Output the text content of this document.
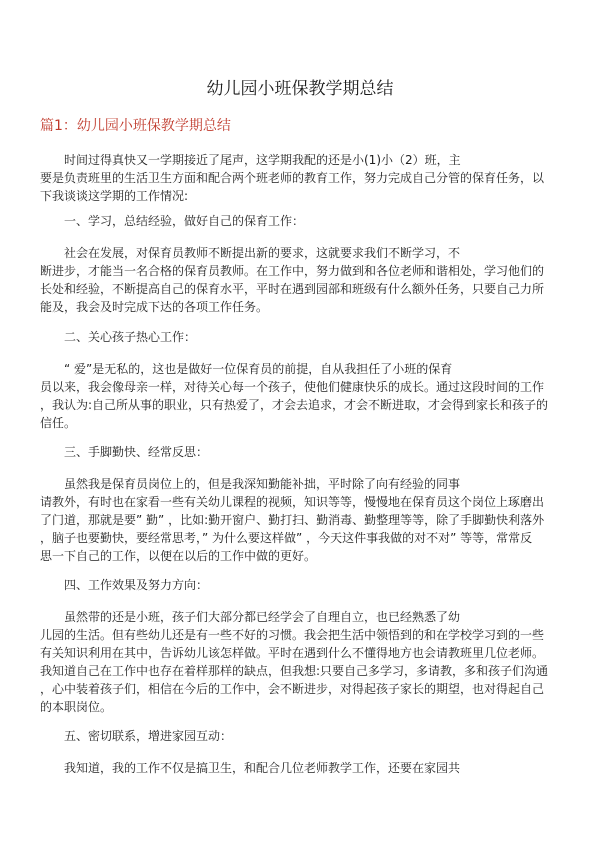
幼儿园小班保教学期总结
篇1：幼儿园小班保教学期总结
时间过得真快又一学期接近了尾声，这学期我配的还是小(1)小（2）班，主
要是负责班里的生活卫生方面和配合两个班老师的教育工作，努力完成自己分管的保育任务，以
下我谈谈这学期的工作情况:
一、学习，总结经验，做好自己的保育工作：
社会在发展，对保育员教师不断提出新的要求，这就要求我们不断学习，不
断进步，才能当一名合格的保育员教师。在工作中，努力做到和各位老师和谐相处，学习他们的
长处和经验，不断提高自己的保育水平，平时在遇到园部和班级有什么额外任务，只要自己力所
能及，我会及时完成下达的各项工作任务。
二、关心孩子热心工作：
“ 爱”是无私的，这也是做好一位保育员的前提，自从我担任了小班的保育
员以来，我会像母亲一样，对待关心每一个孩子，使他们健康快乐的成长。通过这段时间的工作
，我认为:自己所从事的职业，只有热爱了，才会去追求，才会不断进取，才会得到家长和孩子的
信任。
三、手脚勤快、经常反思：
虽然我是保育员岗位上的，但是我深知勤能补拙，平时除了向有经验的同事
请教外，有时也在家看一些有关幼儿课程的视频，知识等等，慢慢地在保育员这个岗位上琢磨出
了门道，那就是要” 勤” ，比如:勤开窗户、勤打扫、勤消毒、勤整理等等，除了手脚勤快利落外
，脑子也要勤快，要经常思考，” 为什么要这样做” ，今天这件事我做的对不对” 等等，常常反
思一下自己的工作，以便在以后的工作中做的更好。
四、工作效果及努力方向：
虽然带的还是小班，孩子们大部分都已经学会了自理自立，也已经熟悉了幼
儿园的生活。但有些幼儿还是有一些不好的习惯。我会把生活中领悟到的和在学校学习到的一些
有关知识利用在其中，告诉幼儿该怎样做。平时在遇到什么不懂得地方也会请教班里几位老师。
我知道自己在工作中也存在着样那样的缺点，但我想:只要自己多学习，多请教，多和孩子们沟通
，心中装着孩子们，相信在今后的工作中，会不断进步，对得起孩子家长的期望，也对得起自己
的本职岗位。
五、密切联系，增进家园互动：
我知道，我的工作不仅是搞卫生，和配合几位老师教学工作，还要在家园共
